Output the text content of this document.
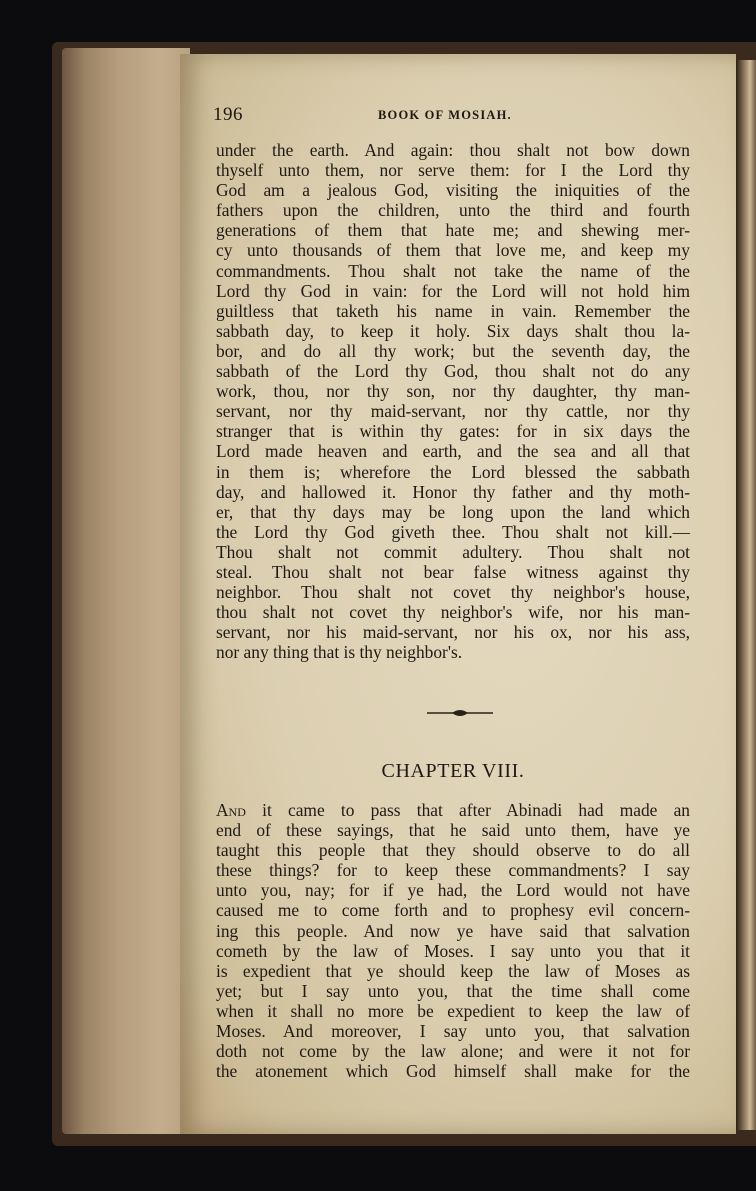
196	BOOK OF MOSIAH.
under the earth. And again: thou shalt not bow down
thyself unto them, nor serve them: for I the Lord thy
God am a jealous God, visiting the iniquities of the
fathers upon the children, unto the third and fourth
generations of them that hate me; and shewing mer-
cy unto thousands of them that love me, and keep my
commandments. Thou shalt not take the name of the
Lord thy God in vain: for the Lord will not hold him
guiltless that taketh his name in vain. Remember the
sabbath day, to keep it holy. Six days shalt thou la-
bor, and do all thy work; but the seventh day, the
sabbath of the Lord thy God, thou shalt not do any
work, thou, nor thy son, nor thy daughter, thy man-
servant, nor thy maid-servant, nor thy cattle, nor thy
stranger that is within thy gates: for in six days the
Lord made heaven and earth, and the sea and all that
in them is; wherefore the Lord blessed the sabbath
day, and hallowed it. Honor thy father and thy moth-
er, that thy days may be long upon the land which
the Lord thy God giveth thee. Thou shalt not kill.—
Thou shalt not commit adultery. Thou shalt not
steal. Thou shalt not bear false witness against thy
neighbor. Thou shalt not covet thy neighbor's house,
thou shalt not covet thy neighbor's wife, nor his man-
servant, nor his maid-servant, nor his ox, nor his ass,
nor any thing that is thy neighbor's.
CHAPTER VIII.
And it came to pass that after Abinadi had made an
end of these sayings, that he said unto them, have ye
taught this people that they should observe to do all
these things? for to keep these commandments? I say
unto you, nay; for if ye had, the Lord would not have
caused me to come forth and to prophesy evil concern-
ing this people. And now ye have said that salvation
cometh by the law of Moses. I say unto you that it
is expedient that ye should keep the law of Moses as
yet; but I say unto you, that the time shall come
when it shall no more be expedient to keep the law of
Moses. And moreover, I say unto you, that salvation
doth not come by the law alone; and were it not for
the atonement which God himself shall make for the
